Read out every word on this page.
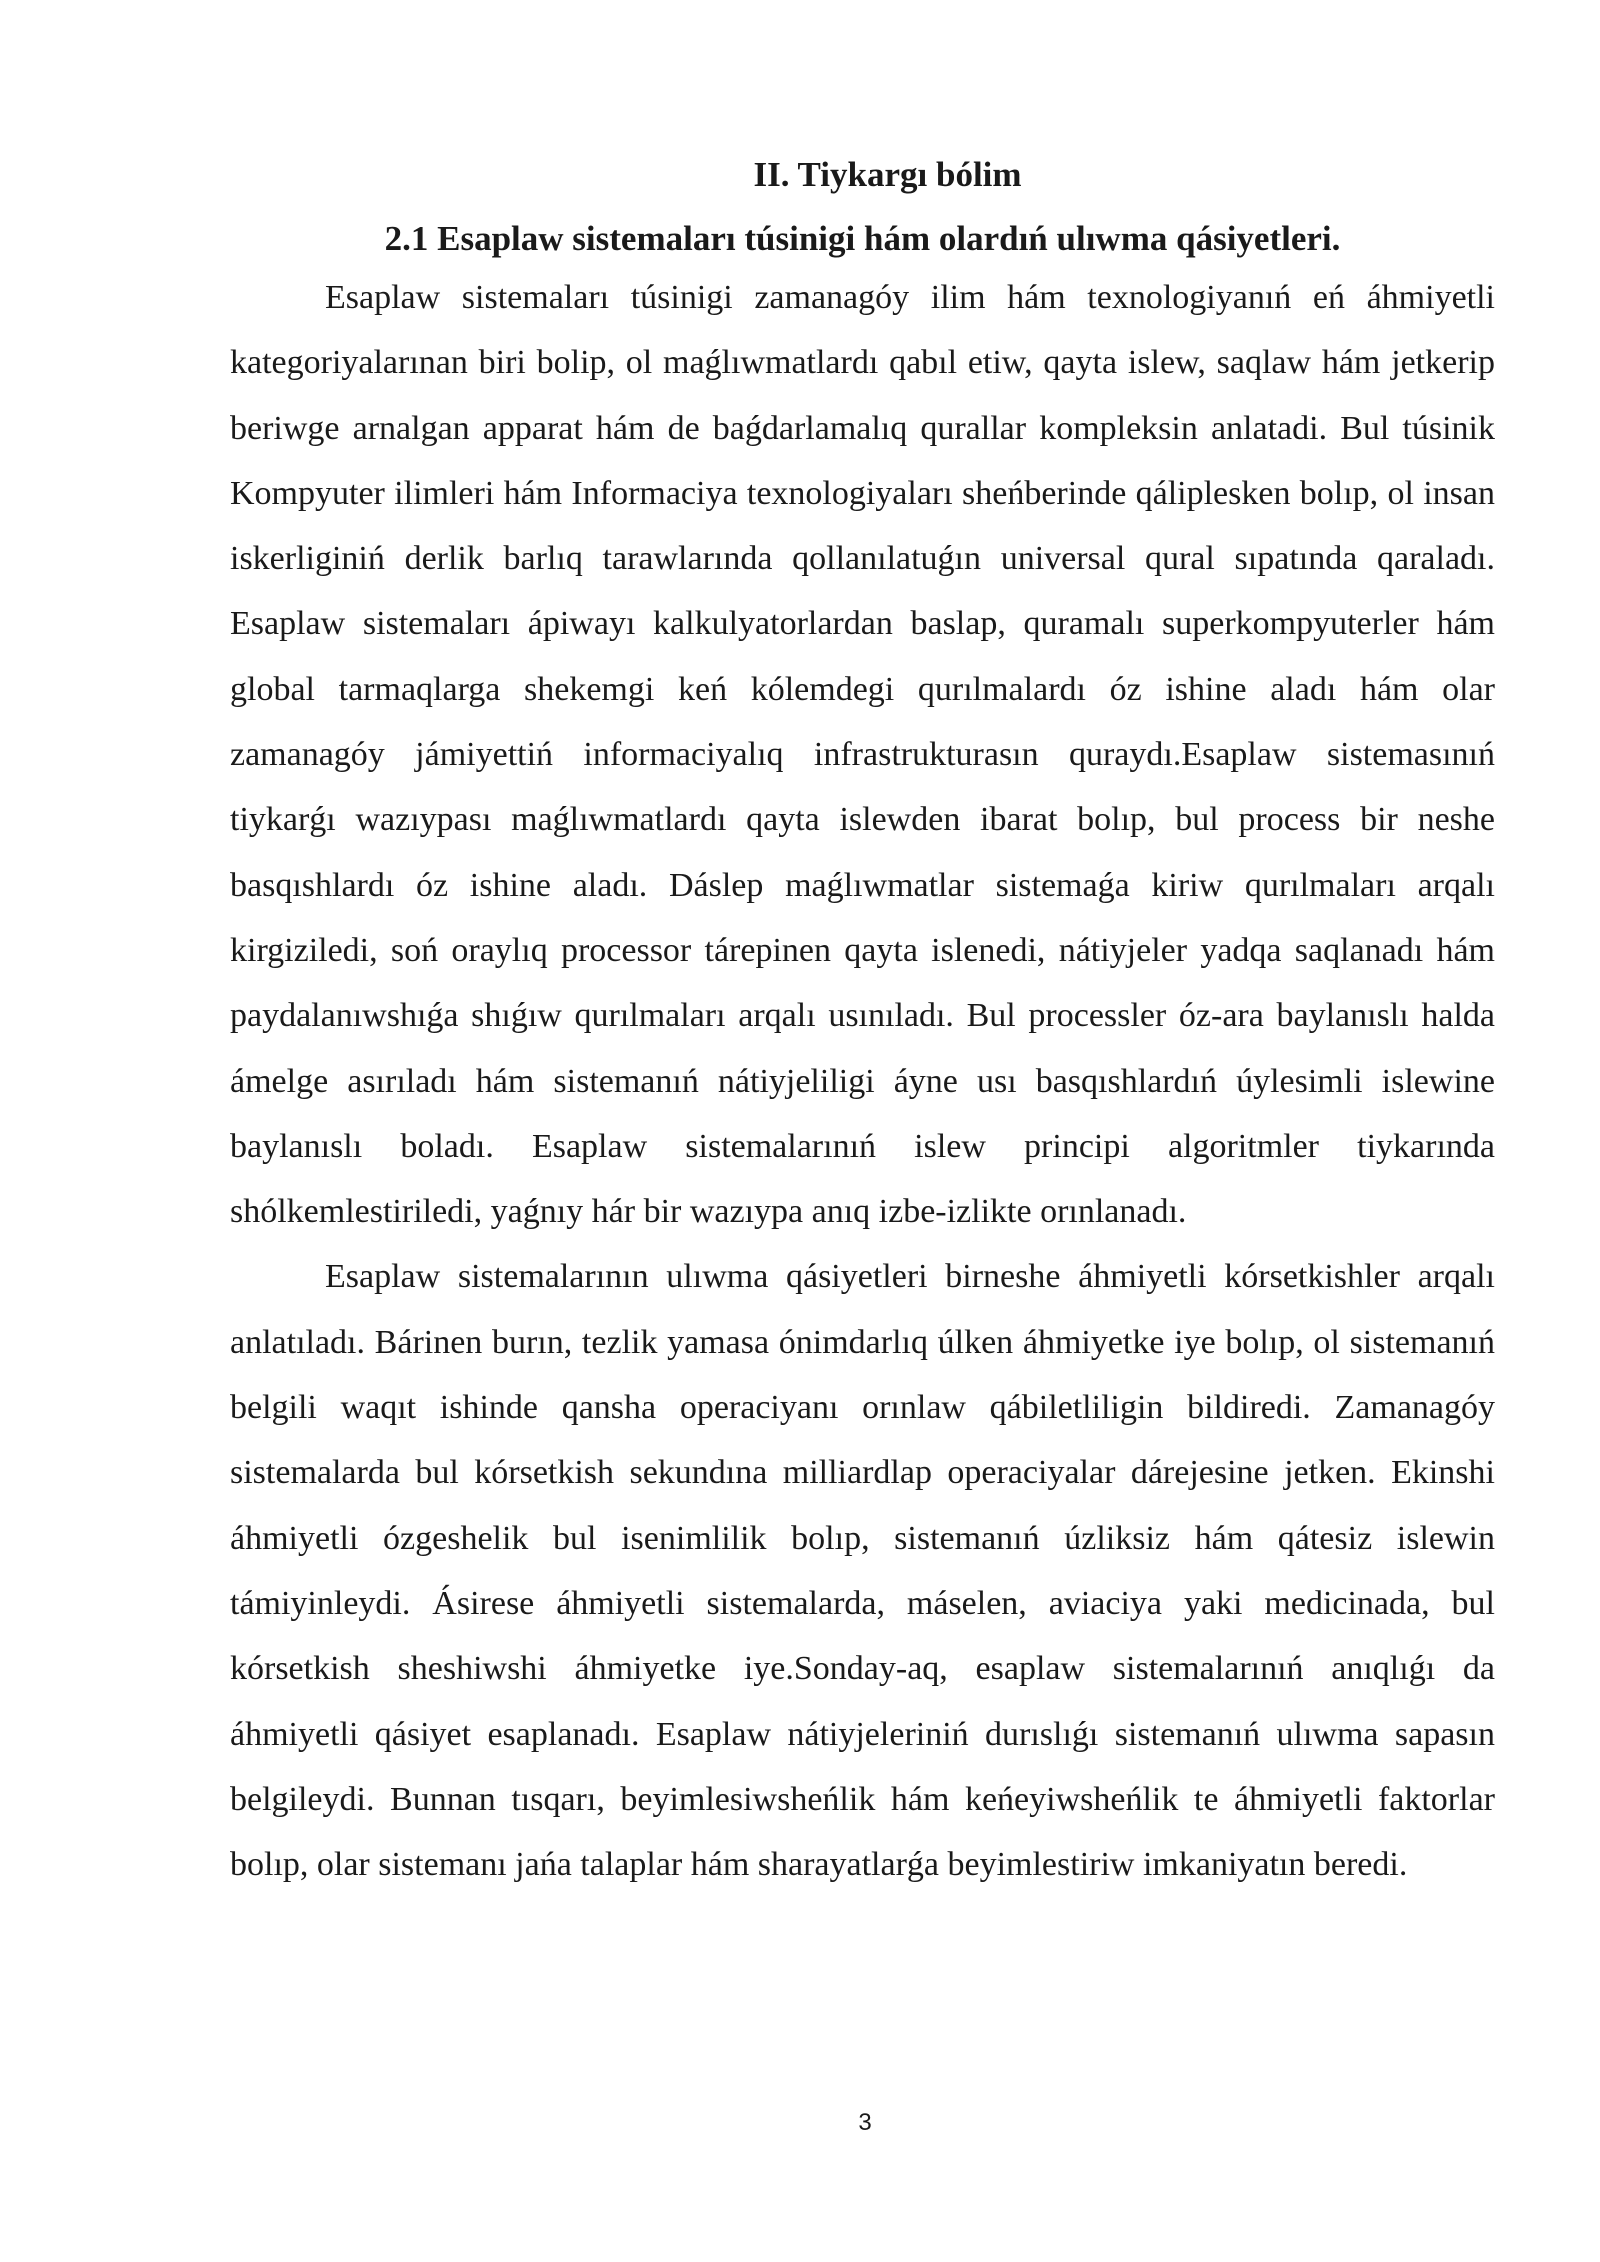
II. Tiykargı bólim
2.1 Esaplaw sistemaları túsinigi hám olardıń ulıwma qásiyetleri.

Esaplaw sistemaları túsinigi zamanagóy ilim hám texnologiyanıń eń áhmiyetli kategoriyalarınan biri bolip, ol maǵlıwmatlardı qabıl etiw, qayta islew, saqlaw hám jetkerip beriwge arnalgan apparat hám de baǵdarlamalıq qurallar kompleksin anlatadi. Bul túsinik Kompyuter ilimleri hám Informaciya texnologiyaları sheńberinde qáliplesken bolıp, ol insan iskerliginiń derlik barlıq tarawlarında qollanılatuǵın universal qural sıpatında qaraladı. Esaplaw sistemaları ápiwayı kalkulyatorlardan baslap, quramalı superkompyuterler hám global tarmaqlarga shekemgi keń kólemdegi qurılmalardı óz ishine aladı hám olar zamanagóy jámiyettiń informaciyalıq infrastrukturasın quraydı.Esaplaw sistemasınıń tiykarǵı wazıypası maǵlıwmatlardı qayta islewden ibarat bolıp, bul process bir neshe basqıshlardı óz ishine aladı. Dáslep maǵlıwmatlar sistemaǵa kiriw qurılmaları arqalı kirgiziledi, soń oraylıq processor tárepinen qayta islenedi, nátiyjeler yadqa saqlanadı hám paydalanıwshıǵa shıǵıw qurılmaları arqalı usınıladı. Bul processler óz-ara baylanıslı halda ámelge asırıladı hám sistemanıń nátiyjeliligi áyne usı basqıshlardıń úylesimli islewine baylanıslı boladı. Esaplaw sistemalarınıń islew principi algoritmler tiykarında shólkemlestiriledi, yaǵnıy hár bir wazıypa anıq izbe-izlikte orınlanadı.

Esaplaw sistemalarının ulıwma qásiyetleri birneshe áhmiyetli kórsetkishler arqalı anlatıladı. Bárinen burın, tezlik yamasa ónimdarlıq úlken áhmiyetke iye bolıp, ol sistemanıń belgili waqıt ishinde qansha operaciyanı orınlaw qábiletliligin bildiredi. Zamanagóy sistemalarda bul kórsetkish sekundına milliardlap operaciyalar dárejesine jetken. Ekinshi áhmiyetli ózgeshelik bul isenimlilik bolıp, sistemanıń úzliksiz hám qátesiz islewin támiyinleydi. Ásirese áhmiyetli sistemalarda, máselen, aviaciya yaki medicinada, bul kórsetkish sheshiwshi áhmiyetke iye.Sonday-aq, esaplaw sistemalarınıń anıqlıǵı da áhmiyetli qásiyet esaplanadı. Esaplaw nátiyjeleriniń durıslıǵı sistemanıń ulıwma sapasın belgileydi. Bunnan tısqarı, beyimlesiwsheńlik hám keńeyiwsheńlik te áhmiyetli faktorlar bolıp, olar sistemanı jańa talaplar hám sharayatlarǵa beyimlestiriw imkaniyatın beredi.

3
